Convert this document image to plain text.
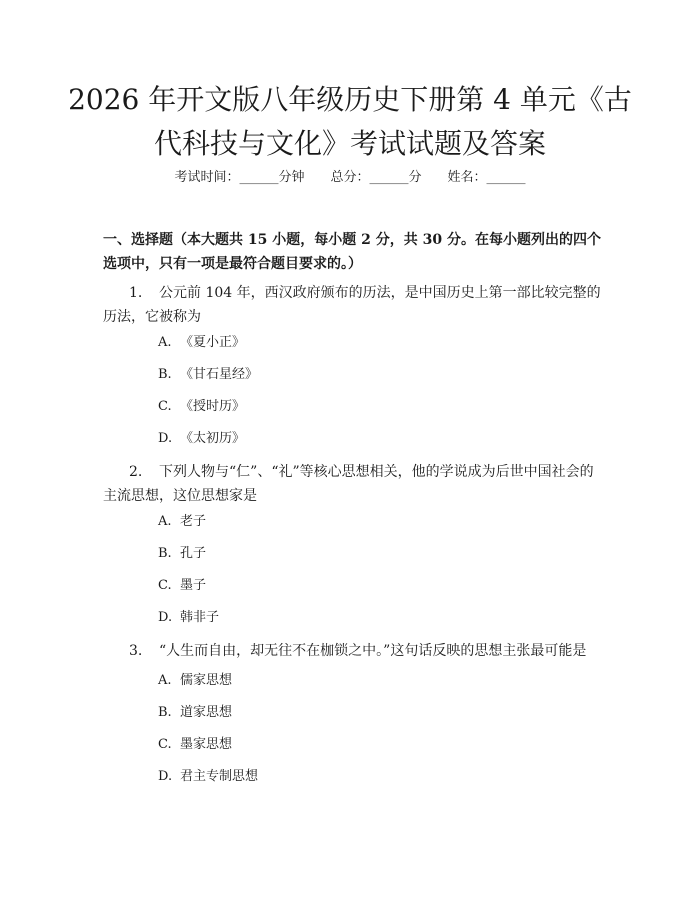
2026 年开文版八年级历史下册第 4 单元《古代科技与文化》考试试题及答案
考试时间：______分钟 总分：______分 姓名：______

一、选择题（本大题共 15 小题，每小题 2 分，共 30 分。在每小题列出的四个选项中，只有一项是最符合题目要求的。）

1. 公元前 104 年，西汉政府颁布的历法，是中国历史上第一部比较完整的历法，它被称为

A. 《夏小正》

B. 《甘石星经》

C. 《授时历》

D. 《太初历》

2. 下列人物与“仁”、“礼”等核心思想相关，他的学说成为后世中国社会的主流思想，这位思想家是

A. 老子

B. 孔子

C. 墨子

D. 韩非子

3. “人生而自由，却无往不在枷锁之中。”这句话反映的思想主张最可能是

A. 儒家思想

B. 道家思想

C. 墨家思想

D. 君主专制思想
